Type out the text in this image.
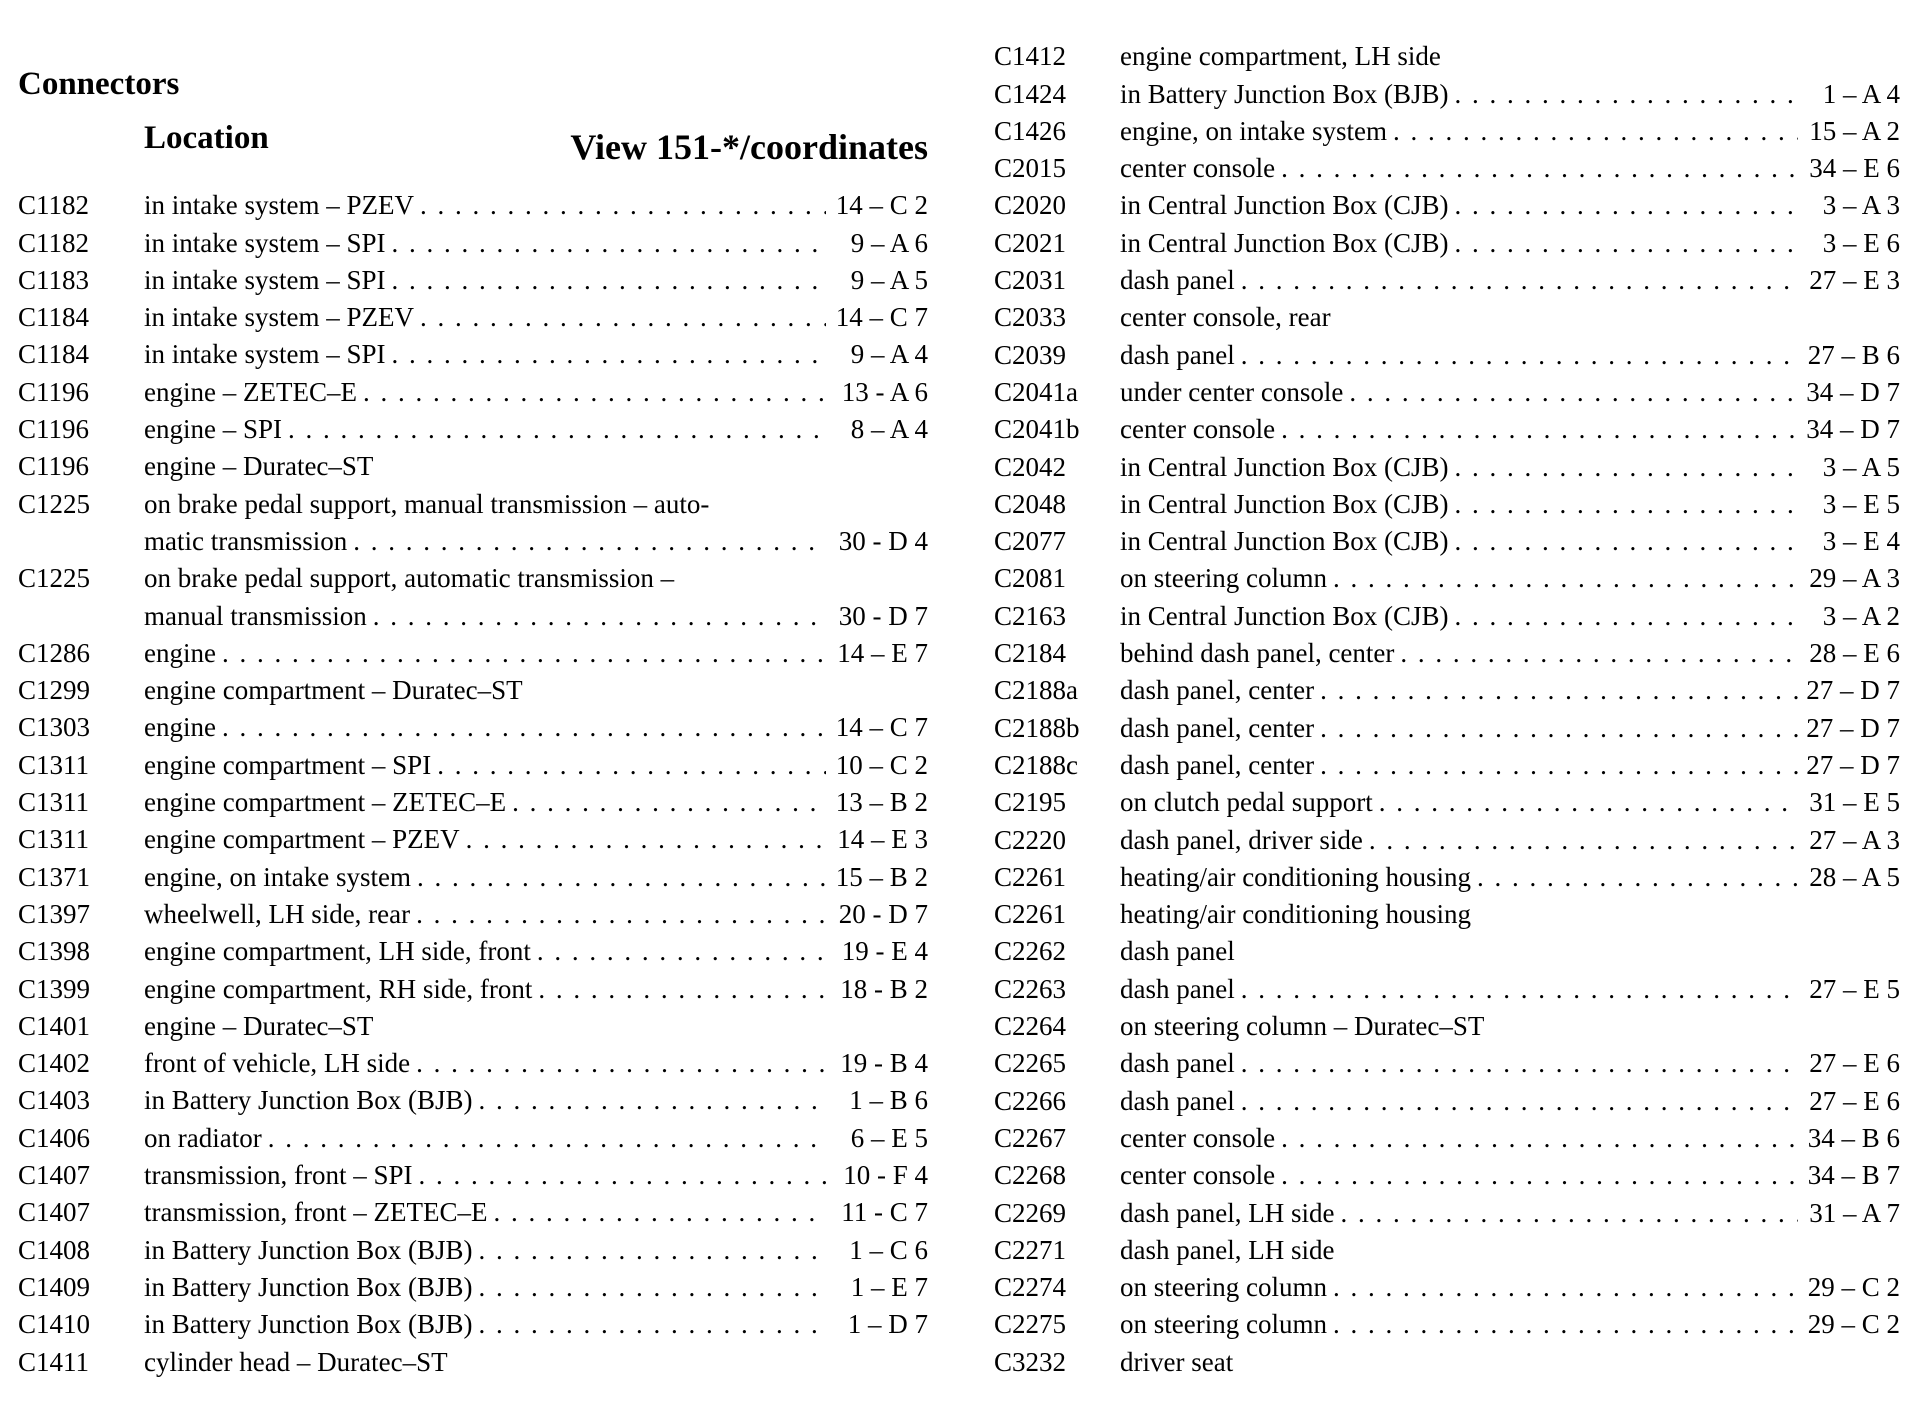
Connectors
Location	View 151-*/coordinates
C1182	in intake system – PZEV . . .	14 – C 2
C1182	in intake system – SPI . . .	9 – A 6
C1183	in intake system – SPI . . .	9 – A 5
C1184	in intake system – PZEV . . .	14 – C 7
C1184	in intake system – SPI . . .	9 – A 4
C1196	engine – ZETEC–E . . .	13 - A 6
C1196	engine – SPI . . .	8 – A 4
C1196	engine – Duratec–ST
C1225	on brake pedal support, manual transmission – auto-
matic transmission . . .	30 - D 4
C1225	on brake pedal support, automatic transmission –
manual transmission . . .	30 - D 7
C1286	engine . . .	14 – E 7
C1299	engine compartment – Duratec–ST
C1303	engine . . .	14 – C 7
C1311	engine compartment – SPI . . .	10 – C 2
C1311	engine compartment – ZETEC–E . . .	13 – B 2
C1311	engine compartment – PZEV . . .	14 – E 3
C1371	engine, on intake system . . .	15 – B 2
C1397	wheelwell, LH side, rear . . .	20 - D 7
C1398	engine compartment, LH side, front . . .	19 - E 4
C1399	engine compartment, RH side, front . . .	18 - B 2
C1401	engine – Duratec–ST
C1402	front of vehicle, LH side . . .	19 - B 4
C1403	in Battery Junction Box (BJB) . . .	1 – B 6
C1406	on radiator . . .	6 – E 5
C1407	transmission, front – SPI . . .	10 - F 4
C1407	transmission, front – ZETEC–E . . .	11 - C 7
C1408	in Battery Junction Box (BJB) . . .	1 – C 6
C1409	in Battery Junction Box (BJB) . . .	1 – E 7
C1410	in Battery Junction Box (BJB) . . .	1 – D 7
C1411	cylinder head – Duratec–ST
C1412	engine compartment, LH side
C1424	in Battery Junction Box (BJB) . . .	1 – A 4
C1426	engine, on intake system . . .	15 – A 2
C2015	center console . . .	34 – E 6
C2020	in Central Junction Box (CJB) . . .	3 – A 3
C2021	in Central Junction Box (CJB) . . .	3 – E 6
C2031	dash panel . . .	27 – E 3
C2033	center console, rear
C2039	dash panel . . .	27 – B 6
C2041a	under center console . . .	34 – D 7
C2041b	center console . . .	34 – D 7
C2042	in Central Junction Box (CJB) . . .	3 – A 5
C2048	in Central Junction Box (CJB) . . .	3 – E 5
C2077	in Central Junction Box (CJB) . . .	3 – E 4
C2081	on steering column . . .	29 – A 3
C2163	in Central Junction Box (CJB) . . .	3 – A 2
C2184	behind dash panel, center . . .	28 – E 6
C2188a	dash panel, center . . .	27 – D 7
C2188b	dash panel, center . . .	27 – D 7
C2188c	dash panel, center . . .	27 – D 7
C2195	on clutch pedal support . . .	31 – E 5
C2220	dash panel, driver side . . .	27 – A 3
C2261	heating/air conditioning housing . . .	28 – A 5
C2261	heating/air conditioning housing
C2262	dash panel
C2263	dash panel . . .	27 – E 5
C2264	on steering column – Duratec–ST
C2265	dash panel . . .	27 – E 6
C2266	dash panel . . .	27 – E 6
C2267	center console . . .	34 – B 6
C2268	center console . . .	34 – B 7
C2269	dash panel, LH side . . .	31 – A 7
C2271	dash panel, LH side
C2274	on steering column . . .	29 – C 2
C2275	on steering column . . .	29 – C 2
C3232	driver seat
